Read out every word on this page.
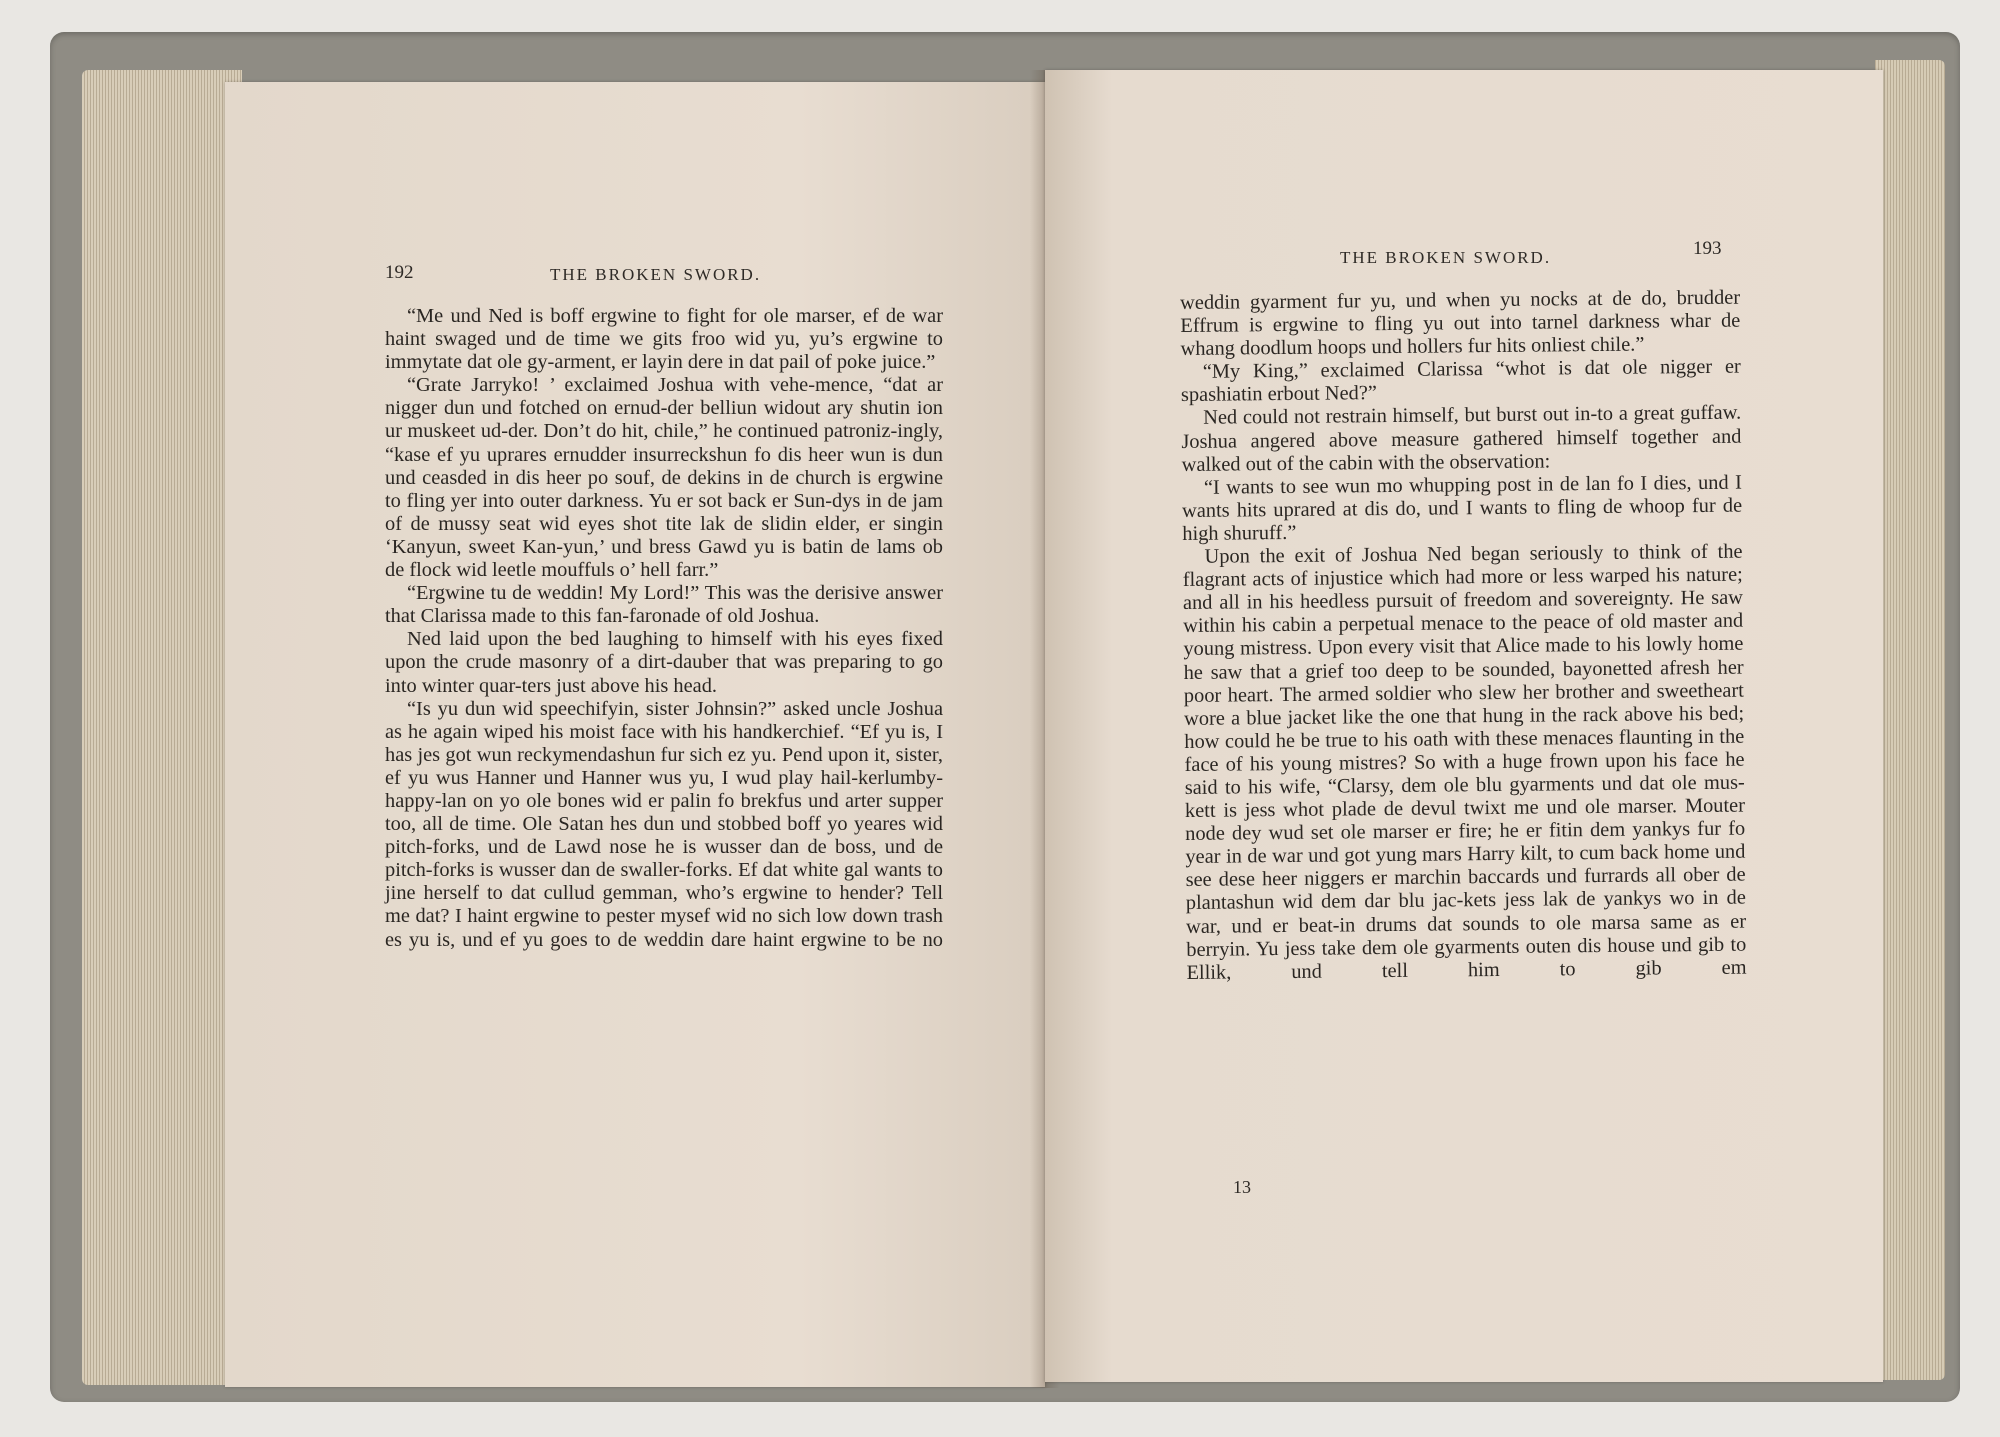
192	THE BROKEN SWORD.

“Me und Ned is boff ergwine to fight for ole marser, ef de war haint swaged und de time we gits froo wid yu, yu’s ergwine to immytate dat ole gy-arment, er layin dere in dat pail of poke juice.”

“Grate Jarryko! ’ exclaimed Joshua with vehe-mence, “dat ar nigger dun und fotched on ernud-der belliun widout ary shutin ion ur muskeet ud-der. Don’t do hit, chile,” he continued patroniz-ingly, “kase ef yu uprares ernudder insurreckshun fo dis heer wun is dun und ceasded in dis heer po souf, de dekins in de church is ergwine to fling yer into outer darkness. Yu er sot back er Sun-dys in de jam of de mussy seat wid eyes shot tite lak de slidin elder, er singin ‘Kanyun, sweet Kan-yun,’ und bress Gawd yu is batin de lams ob de flock wid leetle mouffuls o’ hell farr.”

“Ergwine tu de weddin! My Lord!” This was the derisive answer that Clarissa made to this fan-faronade of old Joshua.

Ned laid upon the bed laughing to himself with his eyes fixed upon the crude masonry of a dirt-dauber that was preparing to go into winter quar-ters just above his head.

“Is yu dun wid speechifyin, sister Johnsin?” asked uncle Joshua as he again wiped his moist face with his handkerchief. “Ef yu is, I has jes got wun reckymendashun fur sich ez yu. Pend upon it, sister, ef yu wus Hanner und Hanner wus yu, I wud play hail-kerlumby-happy-lan on yo ole bones wid er palin fo brekfus und arter supper too, all de time. Ole Satan hes dun und stobbed boff yo yeares wid pitch-forks, und de Lawd nose he is wusser dan de boss, und de pitch-forks is wusser dan de swaller-forks. Ef dat white gal wants to jine herself to dat cullud gemman, who’s ergwine to hender? Tell me dat? I haint ergwine to pester mysef wid no sich low down trash es yu is, und ef yu goes to de weddin dare haint ergwine to be no

THE BROKEN SWORD.	193

weddin gyarment fur yu, und when yu nocks at de do, brudder Effrum is ergwine to fling yu out into tarnel darkness whar de whang doodlum hoops und hollers fur hits onliest chile.”

“My King,” exclaimed Clarissa “whot is dat ole nigger er spashiatin erbout Ned?”

Ned could not restrain himself, but burst out in-to a great guffaw. Joshua angered above measure gathered himself together and walked out of the cabin with the observation:

“I wants to see wun mo whupping post in de lan fo I dies, und I wants hits uprared at dis do, und I wants to fling de whoop fur de high shuruff.”

Upon the exit of Joshua Ned began seriously to think of the flagrant acts of injustice which had more or less warped his nature; and all in his heedless pursuit of freedom and sovereignty. He saw within his cabin a perpetual menace to the peace of old master and young mistress. Upon every visit that Alice made to his lowly home he saw that a grief too deep to be sounded, bayonetted afresh her poor heart. The armed soldier who slew her brother and sweetheart wore a blue jacket like the one that hung in the rack above his bed; how could he be true to his oath with these menaces flaunting in the face of his young mistres? So with a huge frown upon his face he said to his wife, “Clarsy, dem ole blu gyarments und dat ole mus-kett is jess whot plade de devul twixt me und ole marser. Mouter node dey wud set ole marser er fire; he er fitin dem yankys fur fo year in de war und got yung mars Harry kilt, to cum back home und see dese heer niggers er marchin baccards und furrards all ober de plantashun wid dem dar blu jac-kets jess lak de yankys wo in de war, und er beat-in drums dat sounds to ole marsa same as er berryin. Yu jess take dem ole gyarments outen dis house und gib to Ellik, und tell him to gib em

13
